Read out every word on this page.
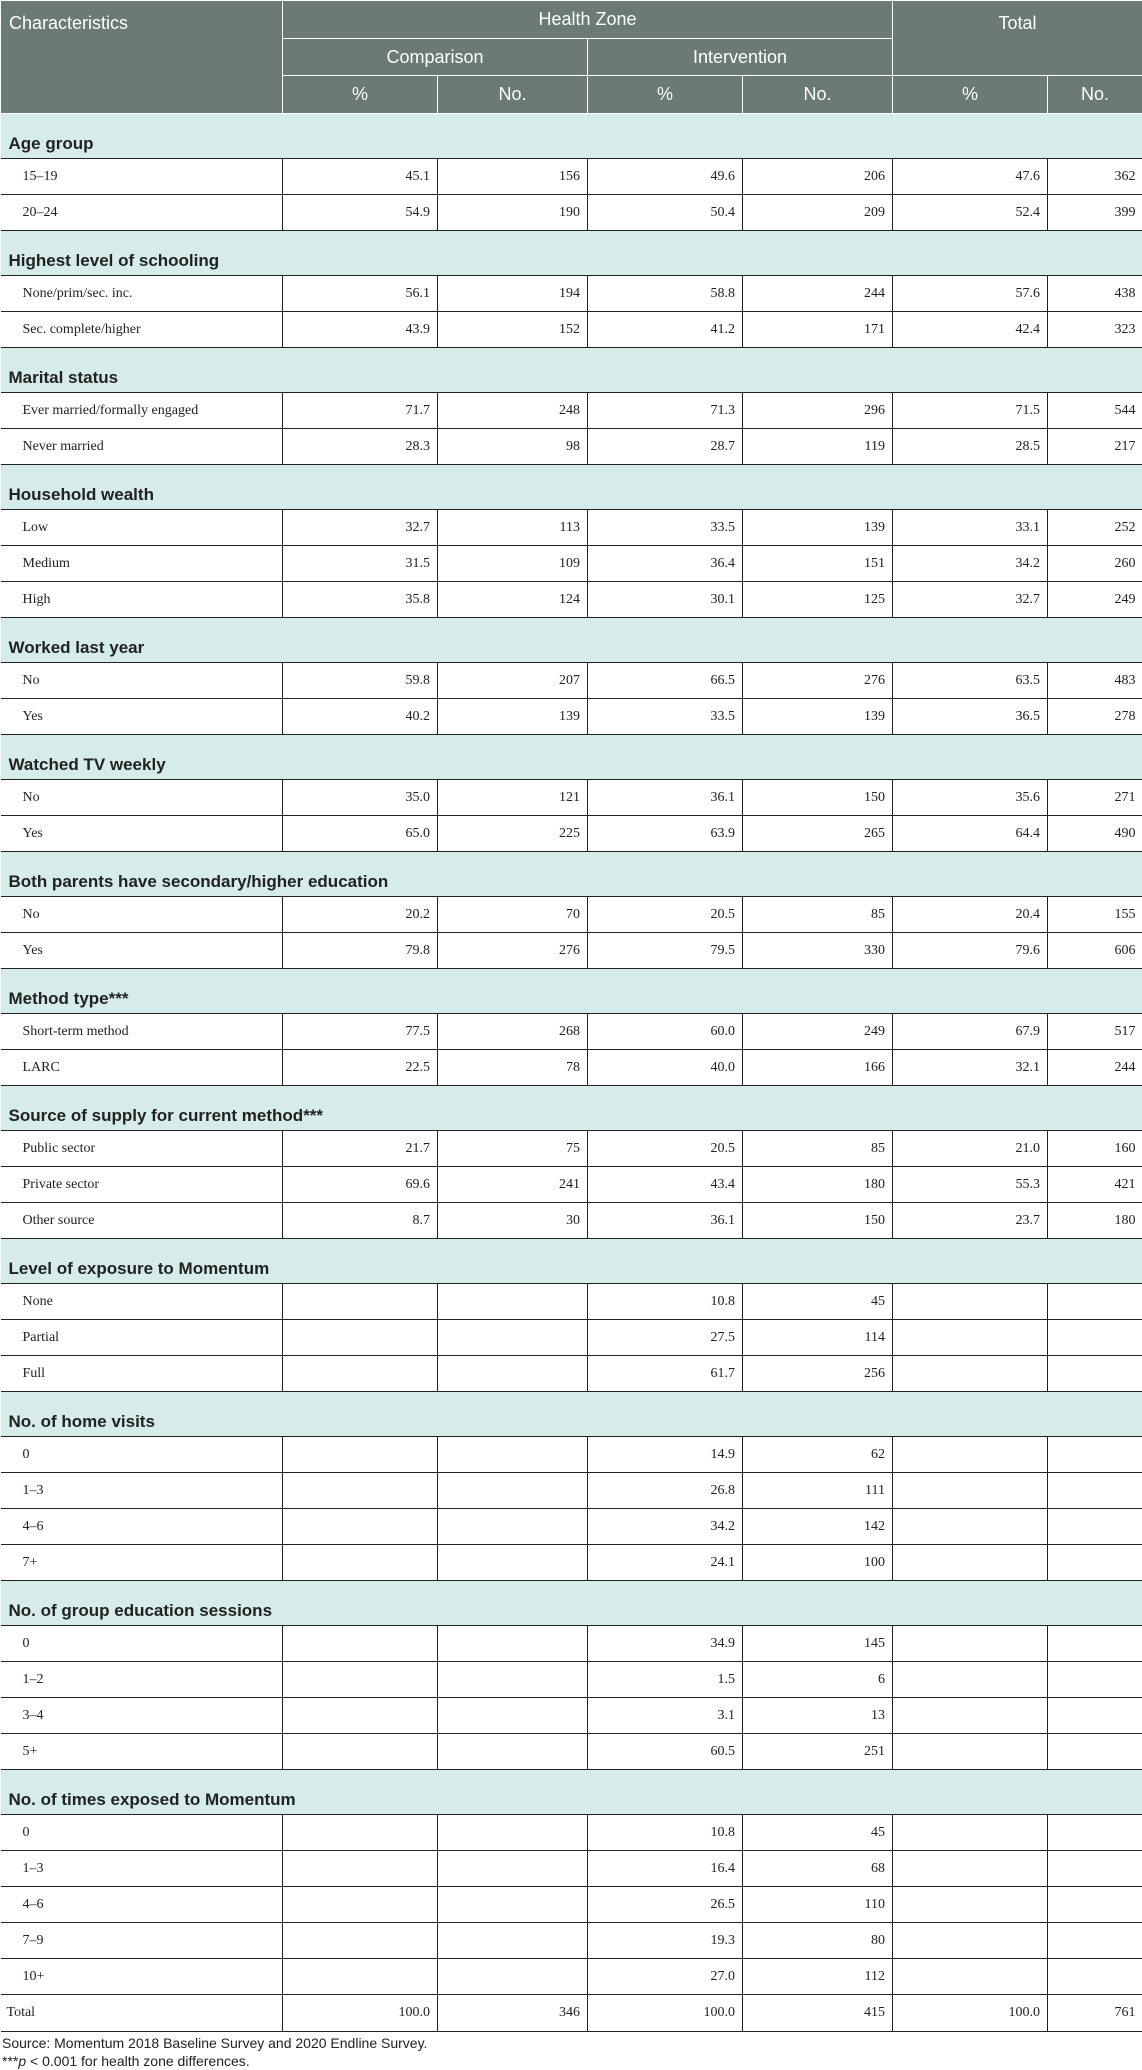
Characteristics	Health Zone				Total	
	Comparison		Intervention			
	%	No.	%	No.	%	No.
Age group						
15–19	45.1	156	49.6	206	47.6	362
20–24	54.9	190	50.4	209	52.4	399
Highest level of schooling						
None/prim/sec. inc.	56.1	194	58.8	244	57.6	438
Sec. complete/higher	43.9	152	41.2	171	42.4	323
Marital status						
Ever married/formally engaged	71.7	248	71.3	296	71.5	544
Never married	28.3	98	28.7	119	28.5	217
Household wealth						
Low	32.7	113	33.5	139	33.1	252
Medium	31.5	109	36.4	151	34.2	260
High	35.8	124	30.1	125	32.7	249
Worked last year						
No	59.8	207	66.5	276	63.5	483
Yes	40.2	139	33.5	139	36.5	278
Watched TV weekly						
No	35.0	121	36.1	150	35.6	271
Yes	65.0	225	63.9	265	64.4	490
Both parents have secondary/higher education						
No	20.2	70	20.5	85	20.4	155
Yes	79.8	276	79.5	330	79.6	606
Method type***						
Short-term method	77.5	268	60.0	249	67.9	517
LARC	22.5	78	40.0	166	32.1	244
Source of supply for current method***						
Public sector	21.7	75	20.5	85	21.0	160
Private sector	69.6	241	43.4	180	55.3	421
Other source	8.7	30	36.1	150	23.7	180
Level of exposure to Momentum						
None			10.8	45		
Partial			27.5	114		
Full			61.7	256		
No. of home visits						
0			14.9	62		
1–3			26.8	111		
4–6			34.2	142		
7+			24.1	100		
No. of group education sessions						
0			34.9	145		
1–2			1.5	6		
3–4			3.1	13		
5+			60.5	251		
No. of times exposed to Momentum						
0			10.8	45		
1–3			16.4	68		
4–6			26.5	110		
7–9			19.3	80		
10+			27.0	112		
Total	100.0	346	100.0	415	100.0	761
Source: Momentum 2018 Baseline Survey and 2020 Endline Survey.
***p < 0.001 for health zone differences.
